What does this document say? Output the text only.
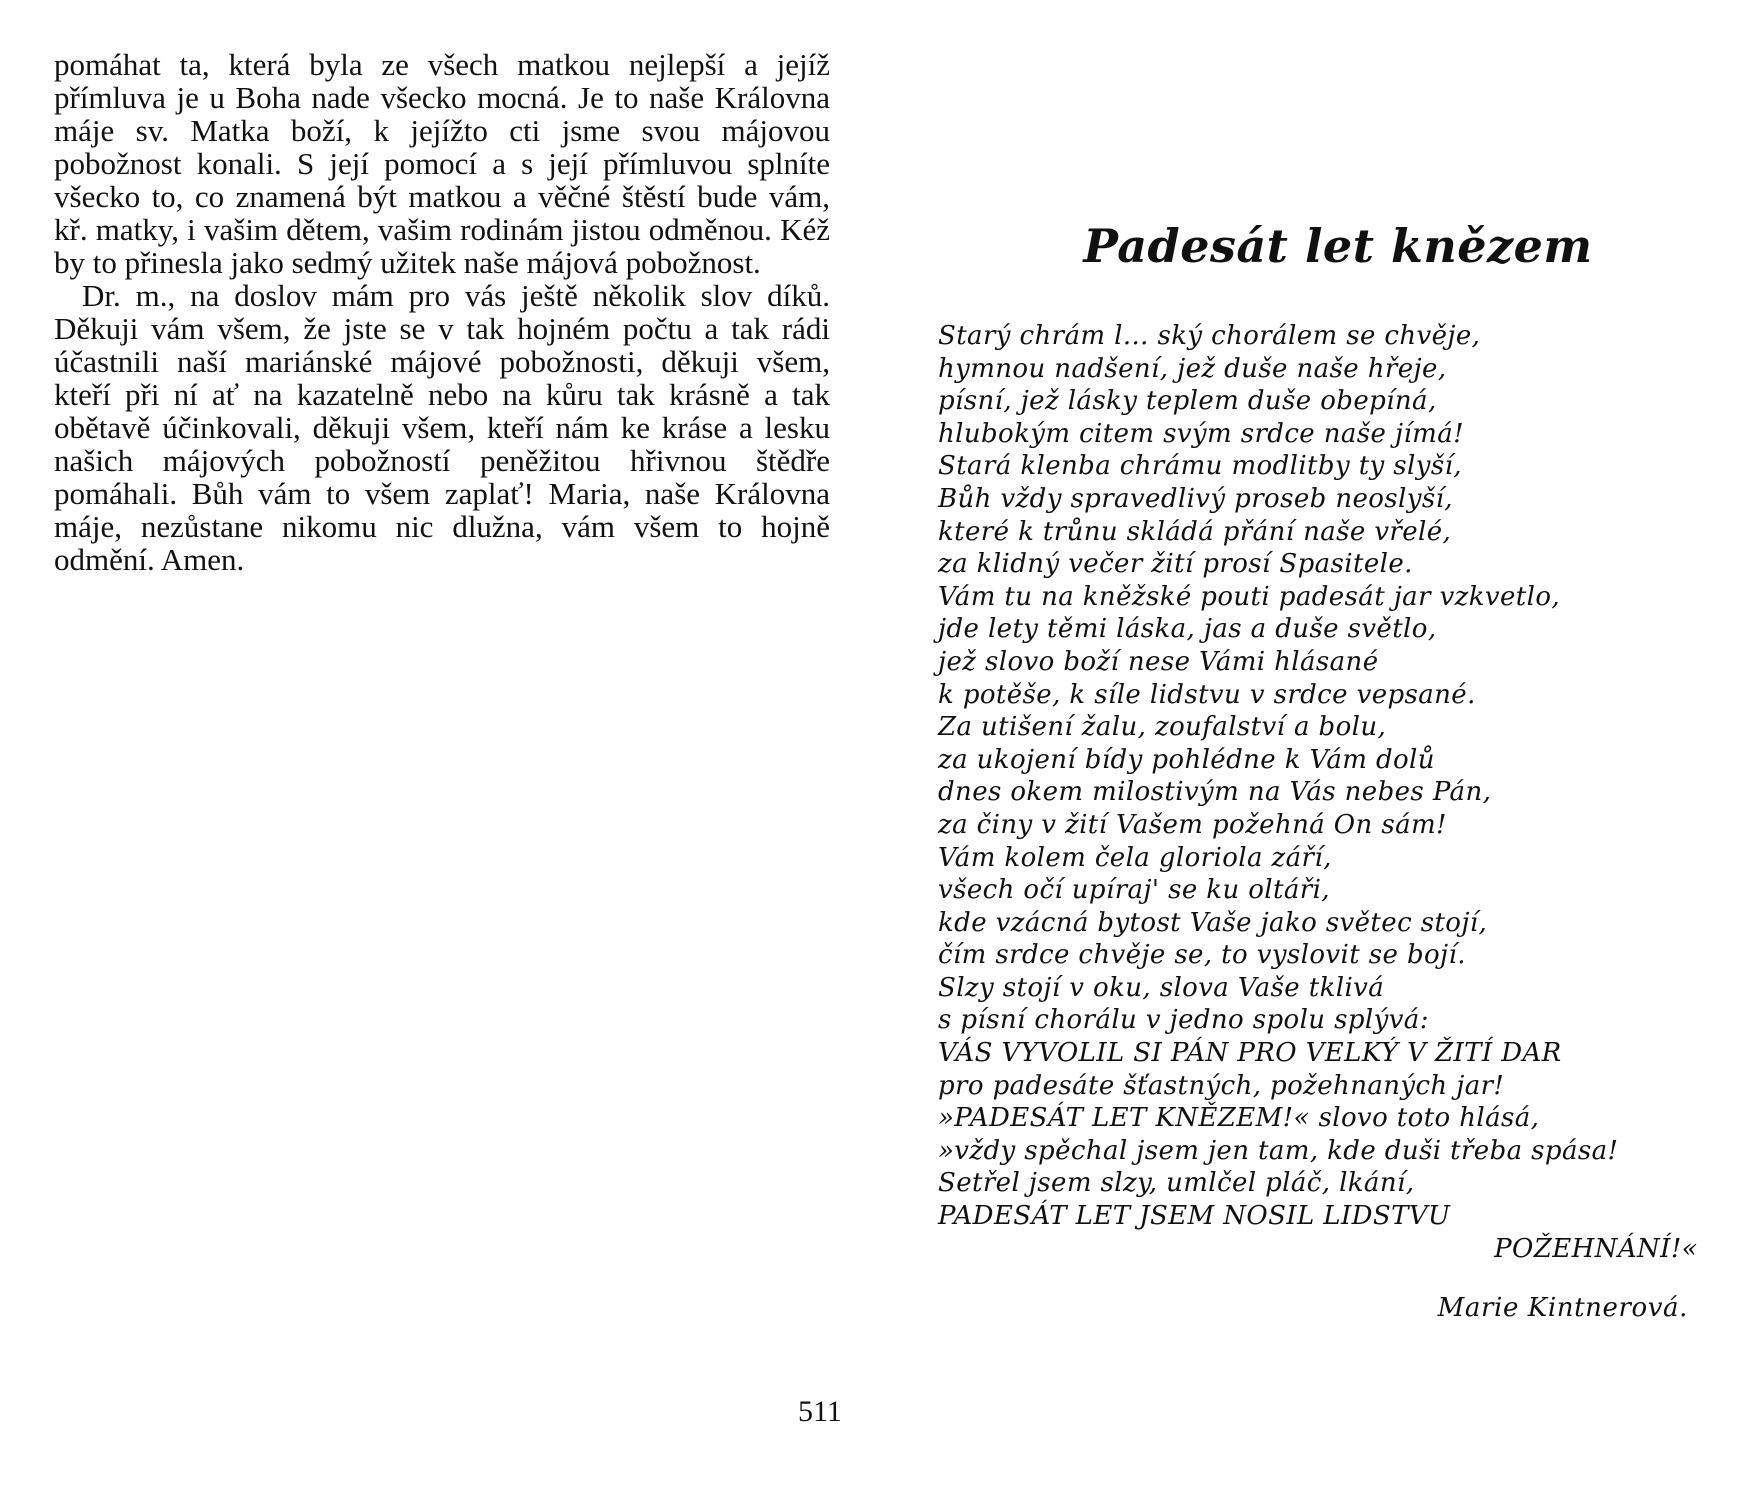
pomáhat ta, která byla ze všech matkou nejlepší a jejíž přímluva je u Boha nade všecko mocná. Je to naše Královna máje sv. Matka boží, k jejížto cti jsme svou májovou pobožnost konali. S její pomocí a s její přímluvou splníte všecko to, co znamená být matkou a věčné štěstí bude vám, kř. matky, i vašim dětem, vašim rodinám jistou odměnou. Kéž by to přinesla jako sedmý užitek naše májová pobožnost.

Dr. m., na doslov mám pro vás ještě několik slov díků. Děkuji vám všem, že jste se v tak hojném počtu a tak rádi účastnili naší mariánské májové pobožnosti, děkuji všem, kteří při ní ať na kazatelně nebo na kůru tak krásně a tak obětavě účinkovali, děkuji všem, kteří nám ke kráse a lesku našich májových pobožností peněžitou hřivnou štědře pomáhali. Bůh vám to všem zaplať! Maria, naše Královna máje, nezůstane nikomu nic dlužna, vám všem to hojně odmění. Amen.

Padesát let knězem
Starý chrám l... ský chorálem se chvěje,
hymnou nadšení, jež duše naše hřeje,
písní, jež lásky teplem duše obepíná,
hlubokým citem svým srdce naše jímá!
Stará klenba chrámu modlitby ty slyší,
Bůh vždy spravedlivý proseb neoslyší,
které k trůnu skládá přání naše vřelé,
za klidný večer žití prosí Spasitele.
Vám tu na kněžské pouti padesát jar vzkvetlo,
jde lety těmi láska, jas a duše světlo,
jež slovo boží nese Vámi hlásané
k potěše, k síle lidstvu v srdce vepsané.
Za utišení žalu, zoufalství a bolu,
za ukojení bídy pohlédne k Vám dolů
dnes okem milostivým na Vás nebes Pán,
za činy v žití Vašem požehná On sám!
Vám kolem čela gloriola září,
všech očí upíraj' se ku oltáři,
kde vzácná bytost Vaše jako světec stojí,
čím srdce chvěje se, to vyslovit se bojí.
Slzy stojí v oku, slova Vaše tklivá
s písní chorálu v jedno spolu splývá:
VÁS VYVOLIL SI PÁN PRO VELKÝ V ŽITÍ DAR
pro padesáte šťastných, požehnaných jar!
»PADESÁT LET KNĚZEM!« slovo toto hlásá,
»vždy spěchal jsem jen tam, kde duši třeba spása!
Setřel jsem slzy, umlčel pláč, lkání,
PADESÁT LET JSEM NOSIL LIDSTVU
POŽEHNÁNÍ!«
Marie Kintnerová.
511
